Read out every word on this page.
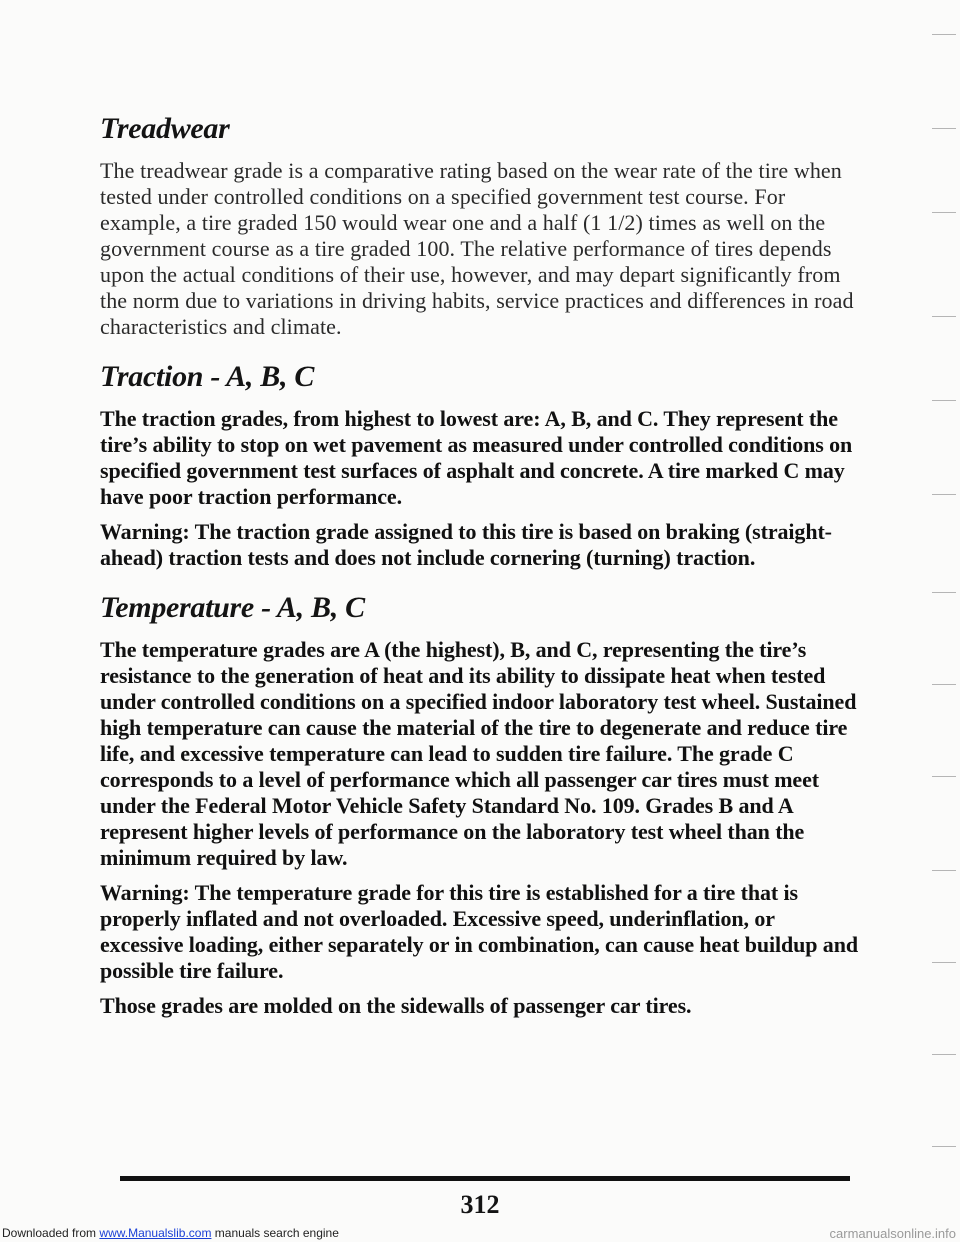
Treadwear

The treadwear grade is a comparative rating based on the wear rate of the tire when tested under controlled conditions on a specified government test course. For example, a tire graded 150 would wear one and a half (1 1/2) times as well on the government course as a tire graded 100. The relative performance of tires depends upon the actual conditions of their use, however, and may depart significantly from the norm due to variations in driving habits, service practices and differences in road characteristics and climate.

Traction - A, B, C

The traction grades, from highest to lowest are: A, B, and C. They represent the tire’s ability to stop on wet pavement as measured under controlled conditions on specified government test surfaces of asphalt and concrete. A tire marked C may have poor traction performance.

Warning: The traction grade assigned to this tire is based on braking (straight-ahead) traction tests and does not include cornering (turning) traction.

Temperature - A, B, C

The temperature grades are A (the highest), B, and C, representing the tire’s resistance to the generation of heat and its ability to dissipate heat when tested under controlled conditions on a specified indoor laboratory test wheel. Sustained high temperature can cause the material of the tire to degenerate and reduce tire life, and excessive temperature can lead to sudden tire failure. The grade C corresponds to a level of performance which all passenger car tires must meet under the Federal Motor Vehicle Safety Standard No. 109. Grades B and A represent higher levels of performance on the laboratory test wheel than the minimum required by law.

Warning: The temperature grade for this tire is established for a tire that is properly inflated and not overloaded. Excessive speed, underinflation, or excessive loading, either separately or in combination, can cause heat buildup and possible tire failure.

Those grades are molded on the sidewalls of passenger car tires.

312
Downloaded from www.Manualslib.com manuals search engine	carmanualsonline.info
